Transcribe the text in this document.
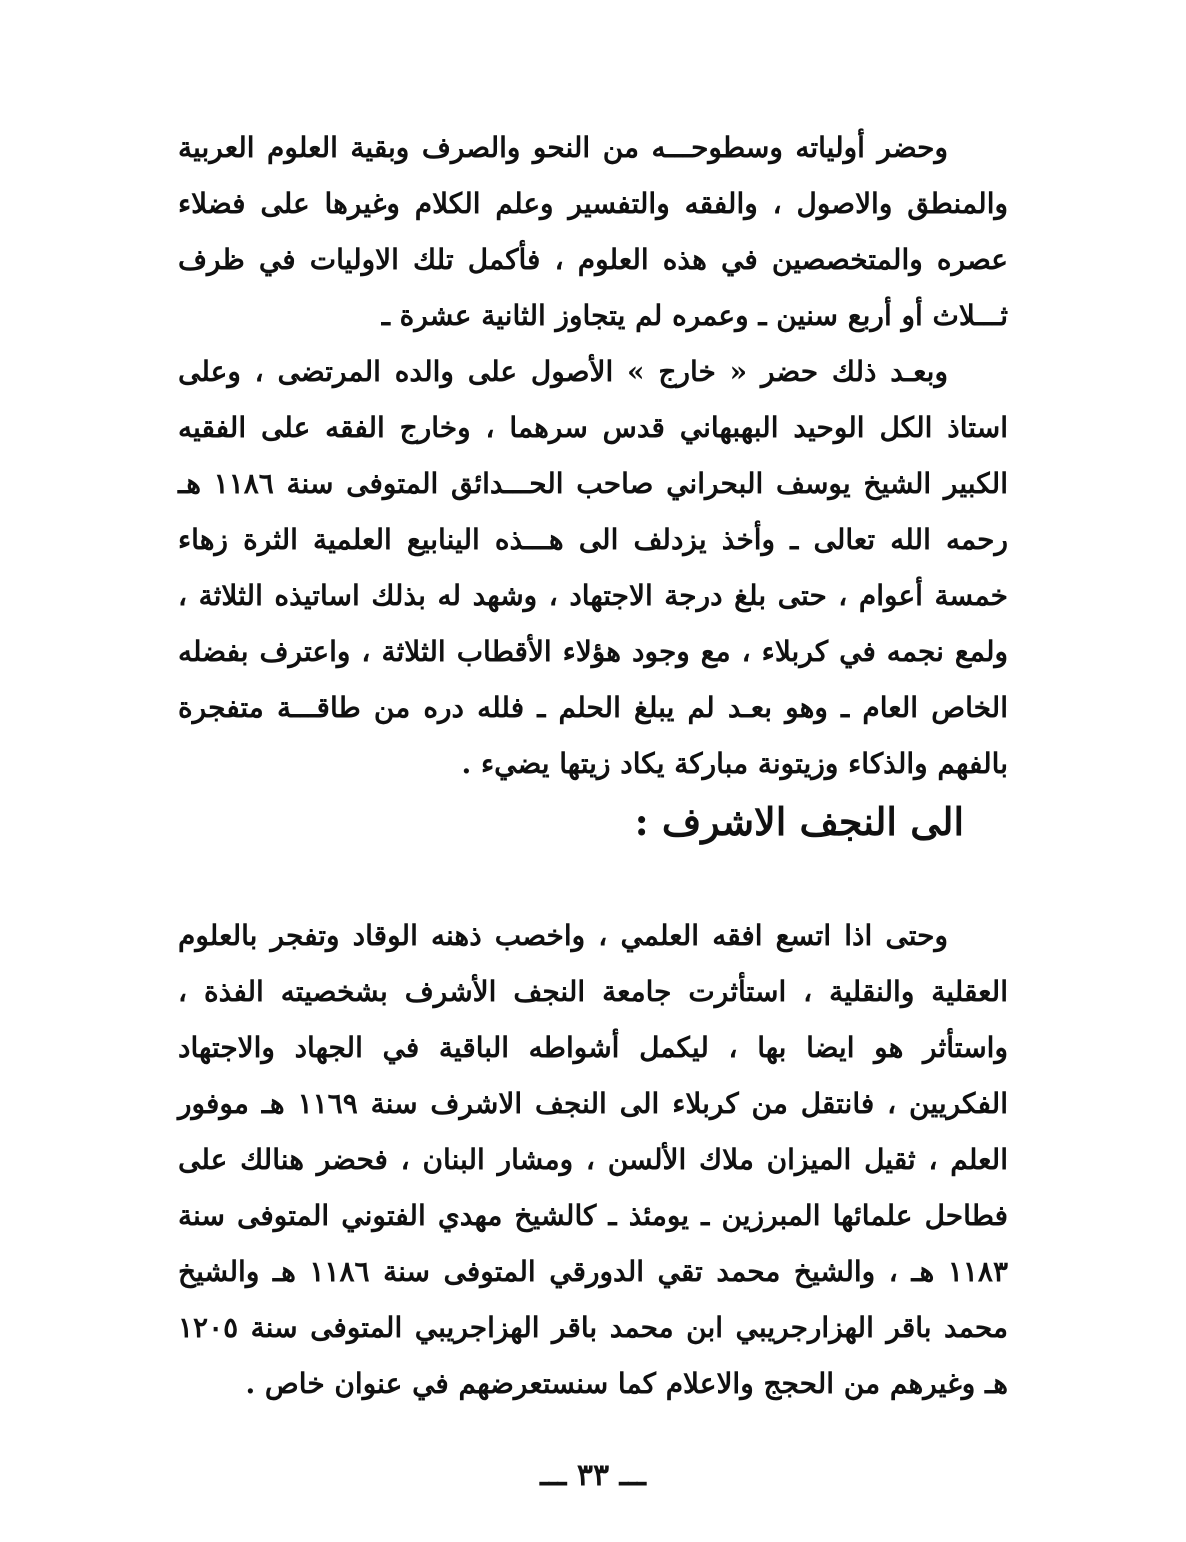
وحضر أولياته وسطوحـــه من النحو والصرف وبقية العلوم العربية والمنطق والاصول ، والفقه والتفسير وعلم الكلام وغيرها على فضلاء عصره والمتخصصين في هذه العلوم ، فأكمل تلك الاوليات في ظرف ثـــلاث أو أربع سنين ـ وعمره لم يتجاوز الثانية عشرة ـ

وبعـد ذلك حضر « خارج » الأصول على والده المرتضى ، وعلى استاذ الكل الوحيد البهبهاني قدس سرهما ، وخارج الفقه على الفقيه الكبير الشيخ يوسف البحراني صاحب الحـــدائق المتوفى سنة ١١٨٦ هـ رحمه الله تعالى ـ وأخذ يزدلف الى هـــذه الينابيع العلمية الثرة زهاء خمسة أعوام ، حتى بلغ درجة الاجتهاد ، وشهد له بذلك اساتيذه الثلاثة ، ولمع نجمه في كربلاء ، مع وجود هؤلاء الأقطاب الثلاثة ، واعترف بفضله الخاص العام ـ وهو بعـد لم يبلغ الحلم ـ فلله دره من طاقـــة متفجرة بالفهم والذكاء وزيتونة مباركة يكاد زيتها يضيء .

الى النجف الاشرف :

وحتى اذا اتسع افقه العلمي ، واخصب ذهنه الوقاد وتفجر بالعلوم العقلية والنقلية ، استأثرت جامعة النجف الأشرف بشخصيته الفذة ، واستأثر هو ايضا بها ، ليكمل أشواطه الباقية في الجهاد والاجتهاد الفكريين ، فانتقل من كربلاء الى النجف الاشرف سنة ١١٦٩ هـ موفور العلم ، ثقيل الميزان ملاك الألسن ، ومشار البنان ، فحضر هنالك على فطاحل علمائها المبرزين ـ يومئذ ـ كالشيخ مهدي الفتوني المتوفى سنة ١١٨٣ هـ ، والشيخ محمد تقي الدورقي المتوفى سنة ١١٨٦ هـ والشيخ محمد باقر الهزارجريبي ابن محمد باقر الهزاجريبي المتوفى سنة ١٢٠٥ هـ وغيرهم من الحجج والاعلام كما سنستعرضهم في عنوان خاص .

ـــ ٣٣ ـــ
